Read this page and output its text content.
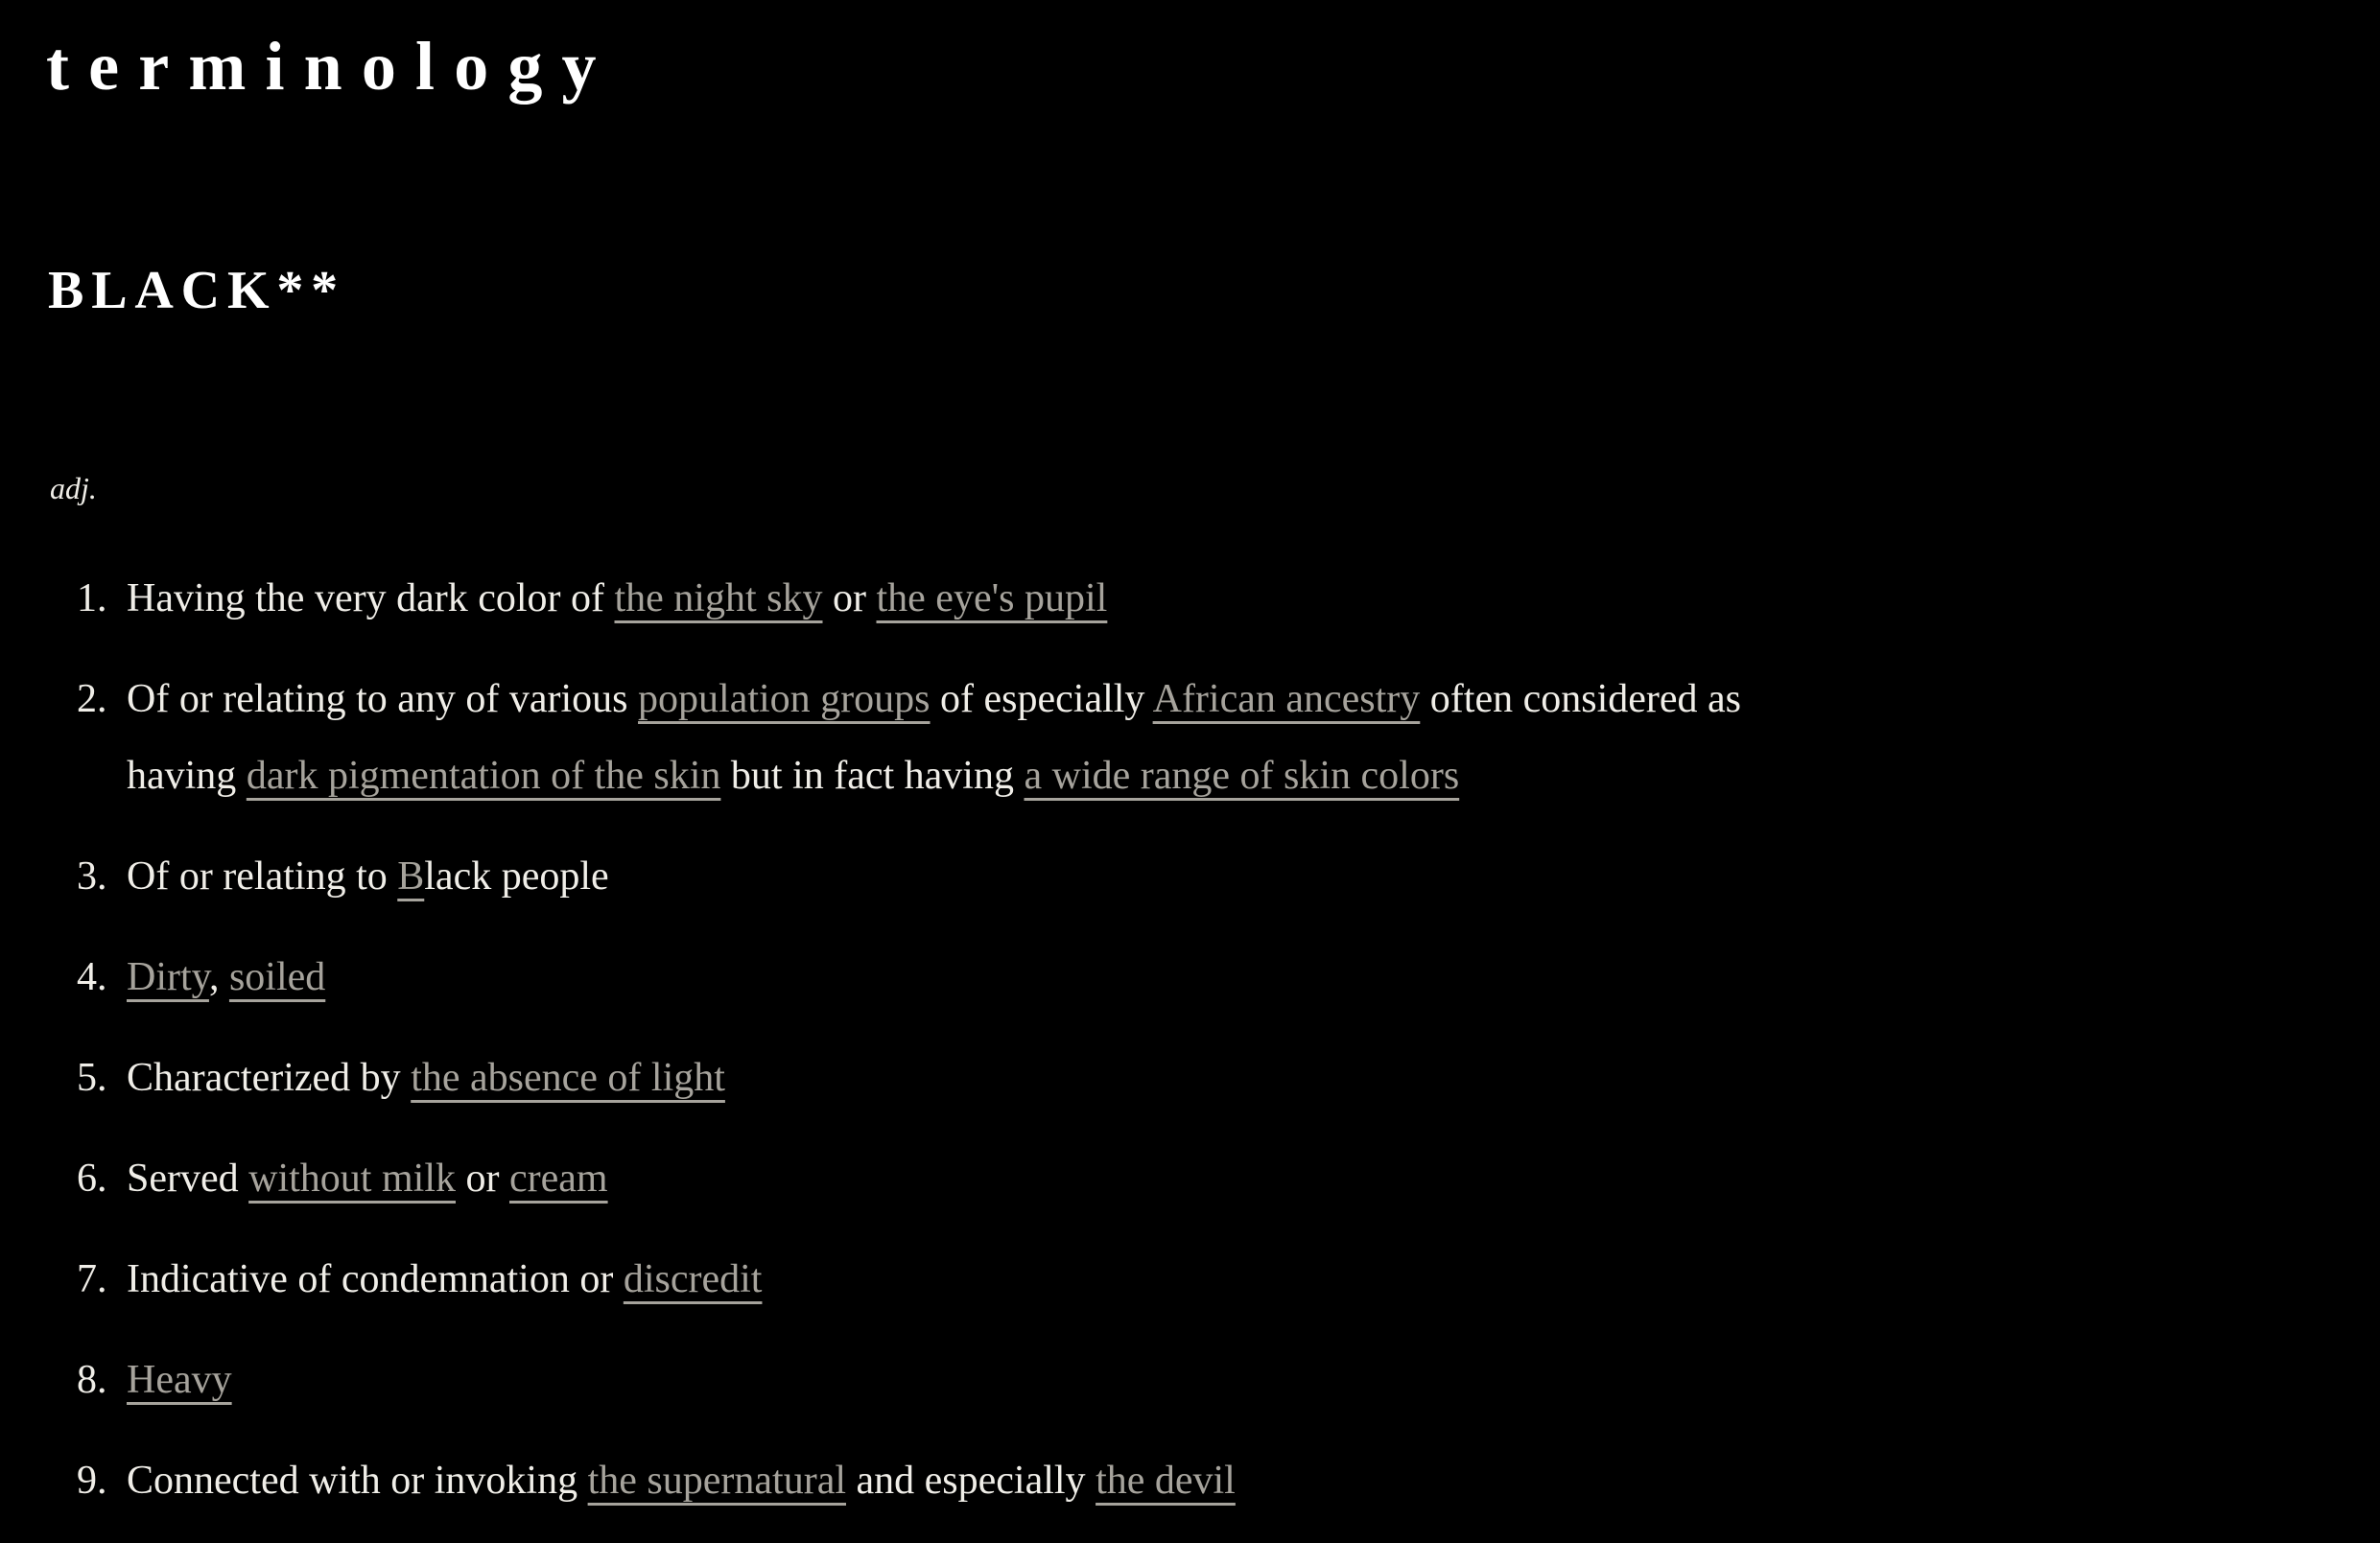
terminology
BLACK**
adj.
1. Having the very dark color of the night sky or the eye's pupil
2. Of or relating to any of various population groups of especially African ancestry often considered as
having dark pigmentation of the skin but in fact having a wide range of skin colors
3. Of or relating to Black people
4. Dirty, soiled
5. Characterized by the absence of light
6. Served without milk or cream
7. Indicative of condemnation or discredit
8. Heavy
9. Connected with or invoking the supernatural and especially the devil
